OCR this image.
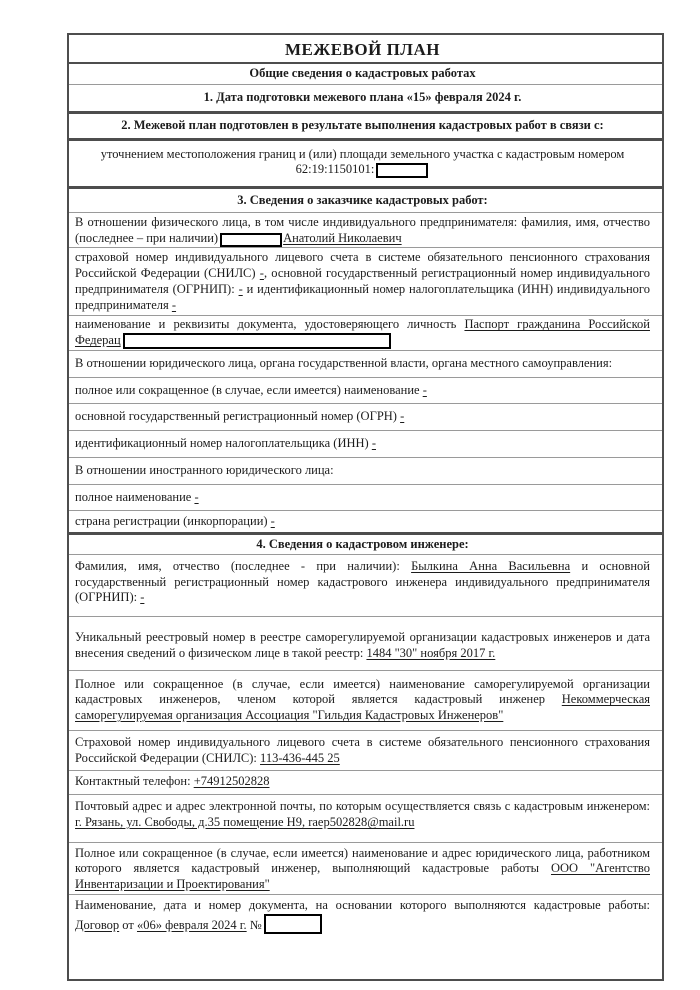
МЕЖЕВОЙ ПЛАН
Общие сведения о кадастровых работах
1. Дата подготовки межевого плана «15» февраля 2024 г.
2. Межевой план подготовлен в результате выполнения кадастровых работ в связи с:
уточнением местоположения границ и (или) площади земельного участка с кадастровым номером
62:19:1150101:
3. Сведения о заказчике кадастровых работ:
В отношении физического лица, в том числе индивидуального предпринимателя: фамилия, имя, отчество (последнее – при наличии)	Анатолий Николаевич
страховой номер индивидуального лицевого счета в системе обязательного пенсионного страхования Российской Федерации (СНИЛС) -, основной государственный регистрационный номер индивидуального предпринимателя (ОГРНИП): - и идентификационный номер налогоплательщика (ИНН) индивидуального предпринимателя -
наименование и реквизиты документа, удостоверяющего личность Паспорт гражданина Российской Федерац
В отношении юридического лица, органа государственной власти, органа местного самоуправления:
полное или сокращенное (в случае, если имеется) наименование -
основной государственный регистрационный номер (ОГРН) -
идентификационный номер налогоплательщика (ИНН) -
В отношении иностранного юридического лица:
полное наименование -
страна регистрации (инкорпорации) -
4. Сведения о кадастровом инженере:
Фамилия, имя, отчество (последнее - при наличии): Былкина Анна Васильевна и основной государственный регистрационный номер кадастрового инженера индивидуального предпринимателя (ОГРНИП): -
Уникальный реестровый номер в реестре саморегулируемой организации кадастровых инженеров и дата внесения сведений о физическом лице в такой реестр: 1484 "30" ноября 2017 г.
Полное или сокращенное (в случае, если имеется) наименование саморегулируемой организации кадастровых инженеров, членом которой является кадастровый инженер Некоммерческая саморегулируемая организация Ассоциация "Гильдия Кадастровых Инженеров"
Страховой номер индивидуального лицевого счета в системе обязательного пенсионного страхования Российской Федерации (СНИЛС): 113-436-445 25
Контактный телефон: +74912502828
Почтовый адрес и адрес электронной почты, по которым осуществляется связь с кадастровым инженером: г. Рязань, ул. Свободы, д.35 помещение Н9, raep502828@mail.ru
Полное или сокращенное (в случае, если имеется) наименование и адрес юридического лица, работником которого является кадастровый инженер, выполняющий кадастровые работы ООО "Агентство Инвентаризации и Проектирования"
Наименование, дата и номер документа, на основании которого выполняются кадастровые работы: Договор от «06» февраля 2024 г. №
